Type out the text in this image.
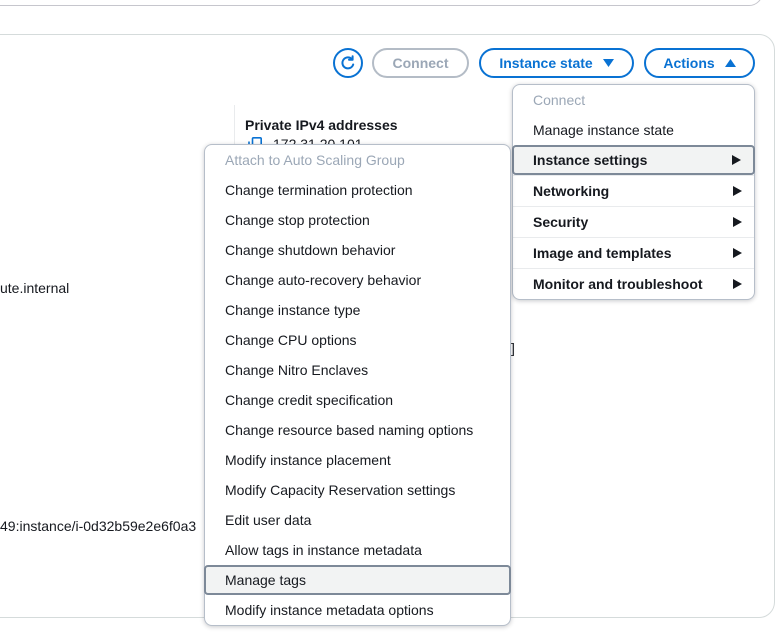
Private IPv4 addresses
ute.internal
]
49:instance/i-0d32b59e2e6f0a3
Connect	Instance state	Actions
Connect
Manage instance state
Instance settings
Networking
Security
Image and templates
Monitor and troubleshoot
Attach to Auto Scaling Group
Change termination protection
Change stop protection
Change shutdown behavior
Change auto-recovery behavior
Change instance type
Change CPU options
Change Nitro Enclaves
Change credit specification
Change resource based naming options
Modify instance placement
Modify Capacity Reservation settings
Edit user data
Allow tags in instance metadata
Manage tags
Modify instance metadata options
